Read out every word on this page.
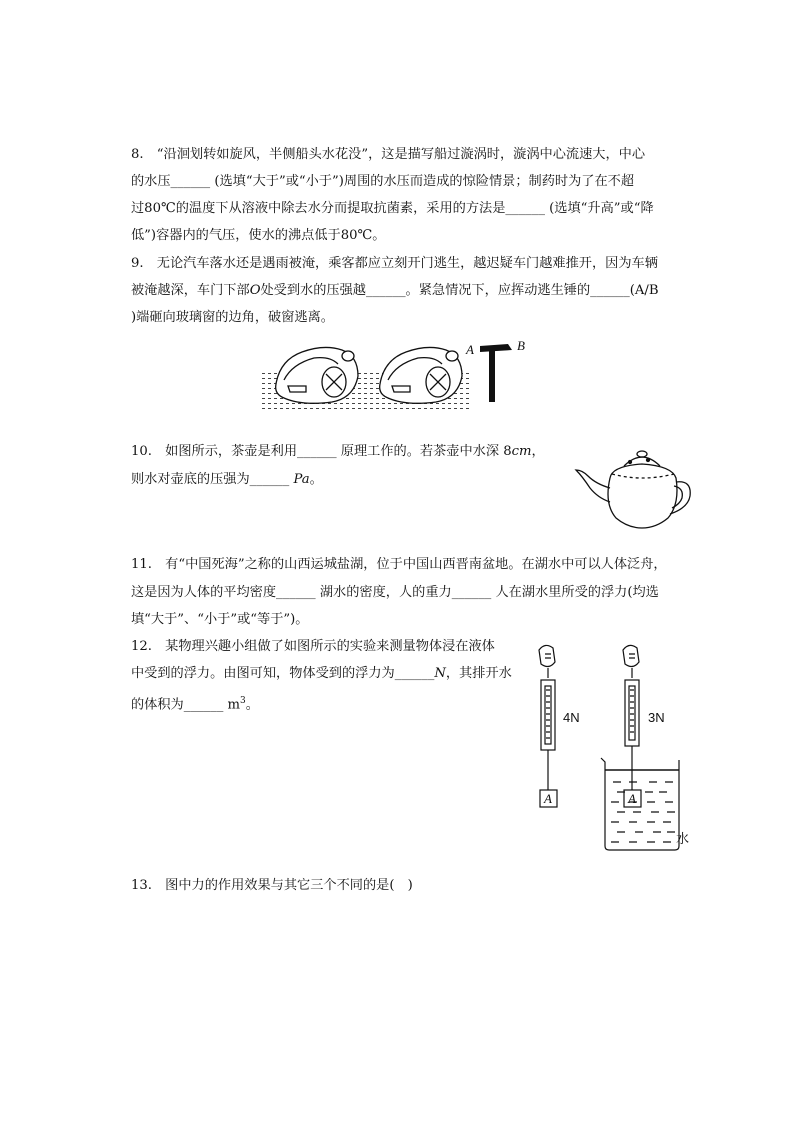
8.　“沿洄划转如旋风，半侧船头水花没”，这是描写船过漩涡时，漩涡中心流速大，中心
的水压______ (选填“大于”或“小于”)周围的水压而造成的惊险情景；制药时为了在不超
过80℃的温度下从溶液中除去水分而提取抗菌素，采用的方法是______ (选填“升高”或“降
低”)容器内的气压，使水的沸点低于80℃。
9.　无论汽车落水还是遇雨被淹，乘客都应立刻开门逃生，越迟疑车门越难推开，因为车辆
被淹越深，车门下部O处受到水的压强越______。紧急情况下，应挥动逃生锤的______(A/B
)端砸向玻璃窗的边角，破窗逃离。
A	B
10.　如图所示，茶壶是利用______ 原理工作的。若茶壶中水深 8cm，
则水对壶底的压强为______ Pa。
11.　有“中国死海”之称的山西运城盐湖，位于中国山西晋南盆地。在湖水中可以人体泛舟，
这是因为人体的平均密度______ 湖水的密度，人的重力______ 人在湖水里所受的浮力(均选
填“大于”、“小于”或“等于”)。
12.　某物理兴趣小组做了如图所示的实验来测量物体浸在液体
中受到的浮力。由图可知，物体受到的浮力为______N，其排开水
的体积为______ $m^3$。
4N	3N
A	A
水
13.　图中力的作用效果与其它三个不同的是(　)
